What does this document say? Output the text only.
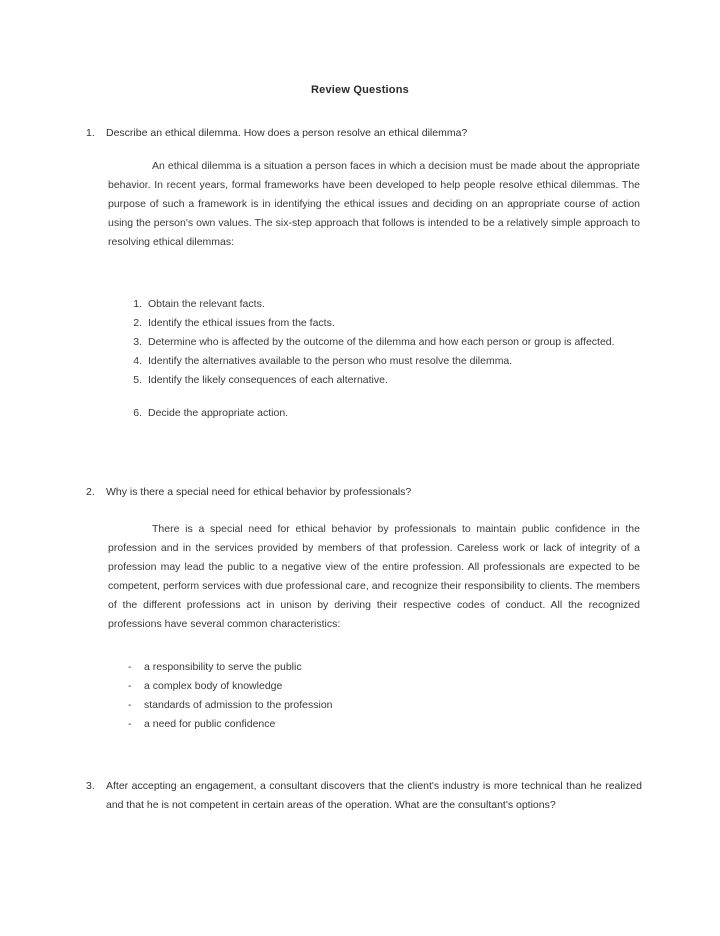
Review Questions
1.	Describe an ethical dilemma. How does a person resolve an ethical dilemma?
An ethical dilemma is a situation a person faces in which a decision must be made about the appropriate behavior. In recent years, formal frameworks have been developed to help people resolve ethical dilemmas. The purpose of such a framework is in identifying the ethical issues and deciding on an appropriate course of action using the person's own values. The six-step approach that follows is intended to be a relatively simple approach to resolving ethical dilemmas:
1. Obtain the relevant facts.
2. Identify the ethical issues from the facts.
3. Determine who is affected by the outcome of the dilemma and how each person or group is affected.
4. Identify the alternatives available to the person who must resolve the dilemma.
5. Identify the likely consequences of each alternative.
6. Decide the appropriate action.
2.	Why is there a special need for ethical behavior by professionals?
There is a special need for ethical behavior by professionals to maintain public confidence in the profession and in the services provided by members of that profession. Careless work or lack of integrity of a profession may lead the public to a negative view of the entire profession. All professionals are expected to be competent, perform services with due professional care, and recognize their responsibility to clients. The members of the different professions act in unison by deriving their respective codes of conduct. All the recognized professions have several common characteristics:
- a responsibility to serve the public
- a complex body of knowledge
- standards of admission to the profession
- a need for public confidence
3.	After accepting an engagement, a consultant discovers that the client's industry is more technical than he realized and that he is not competent in certain areas of the operation. What are the consultant's options?
